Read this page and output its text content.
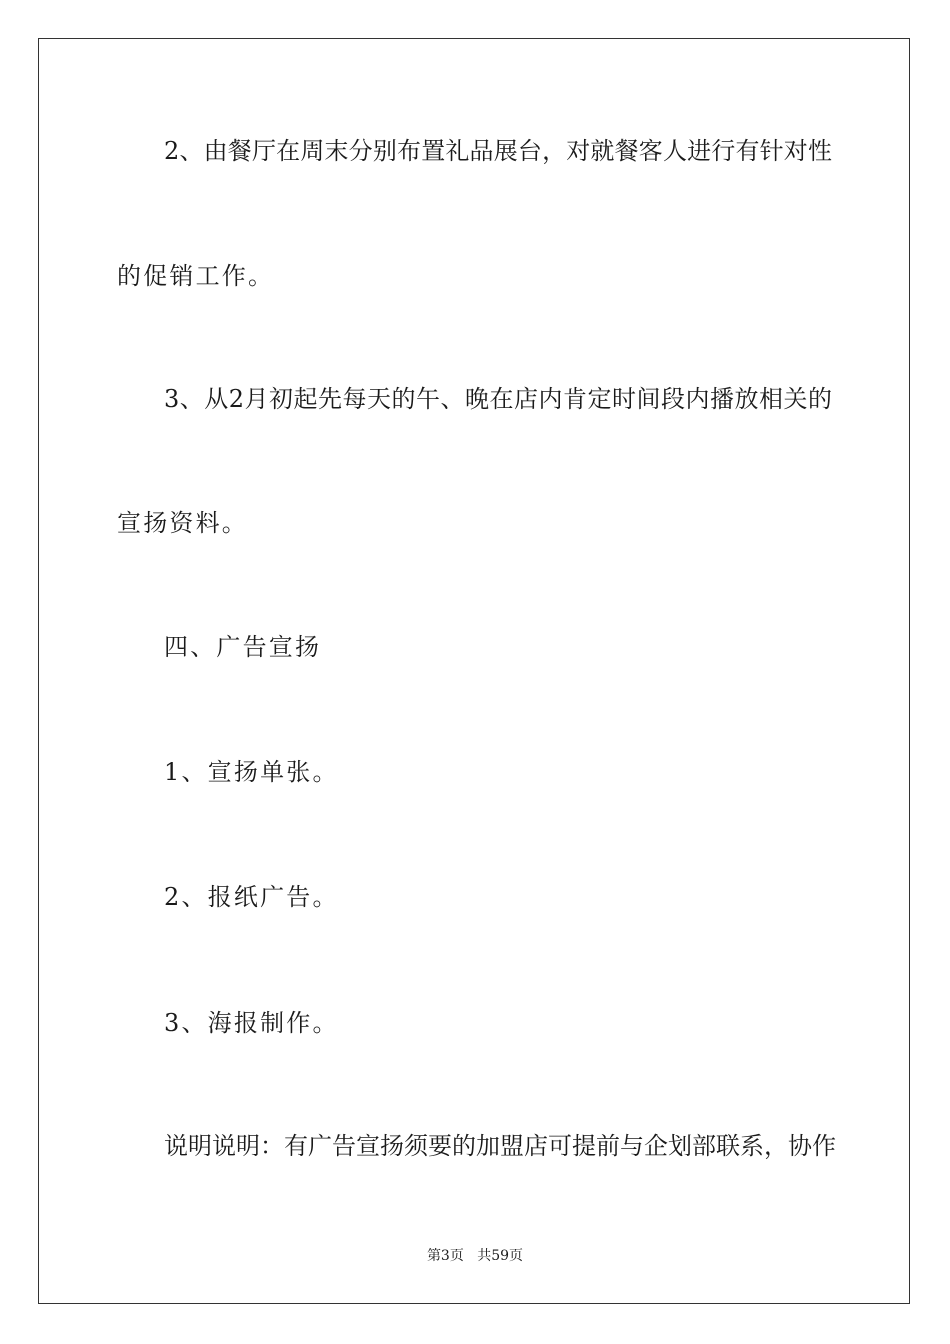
2、由餐厅在周末分别布置礼品展台，对就餐客人进行有针对性
的促销工作。
3、从2月初起先每天的午、晚在店内肯定时间段内播放相关的
宣扬资料。
四、广告宣扬
1、宣扬单张。
2、报纸广告。
3、海报制作。
说明说明：有广告宣扬须要的加盟店可提前与企划部联系，协作
第3页 共59页
